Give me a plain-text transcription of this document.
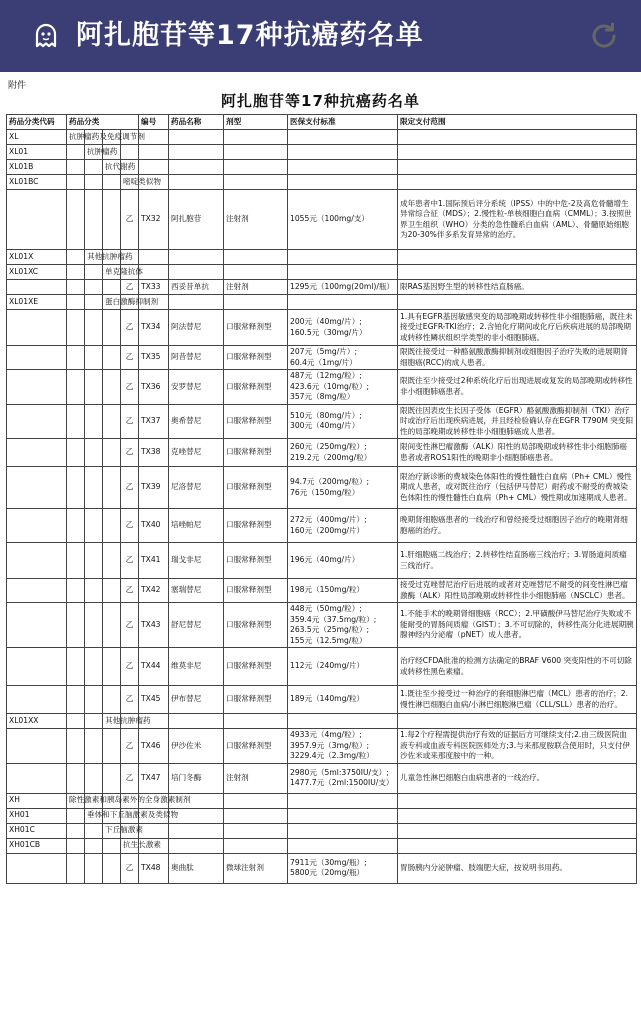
阿扎胞苷等17种抗癌药名单
附件
阿扎胞苷等17种抗癌药名单
药品分类代码	药品分类				编号	药品名称	剂型	医保支付标准	限定支付范围
XL	抗肿瘤药及免疫调节剂								
XL01		抗肿瘤药							
XL01B			抗代谢药						
XL01BC				嘧啶类似物					
				乙	TX32	阿扎胞苷	注射剂	1055元（100mg/支）	成年患者中1.国际预后评分系统（IPSS）中的中危-2及高危骨髓增生异常综合征（MDS）；2.慢性粒-单核细胞白血病（CMML）；3.按照世界卫生组织（WHO）分类的急性髓系白血病（AML）、骨髓原始细胞为20-30%伴多系发育异常的治疗。
XL01X		其他抗肿瘤药							
XL01XC			单克隆抗体						
				乙	TX33	西妥昔单抗	注射剂	1295元（100mg(20ml)/瓶）	限RAS基因野生型的转移性结直肠癌。
XL01XE			蛋白激酶抑制剂						
				乙	TX34	阿法替尼	口服常释剂型	200元（40mg/片）;
160.5元（30mg/片）	1.具有EGFR基因敏感突变的局部晚期或转移性非小细胞肺癌，既往未接受过EGFR-TKI治疗；2.含铂化疗期间或化疗后疾病进展的局部晚期或转移性鳞状组织学类型的非小细胞肺癌。
				乙	TX35	阿昔替尼	口服常释剂型	207元（5mg/片）;
60.4元（1mg/片）	限既往接受过一种酪氨酸激酶抑制剂或细胞因子治疗失败的进展期肾细胞癌(RCC)的成人患者。
				乙	TX36	安罗替尼	口服常释剂型	487元（12mg/粒）;
423.6元（10mg/粒）;
357元（8mg/粒）	限既往至少接受过2种系统化疗后出现进展或复发的局部晚期或转移性非小细胞肺癌患者。
				乙	TX37	奥希替尼	口服常释剂型	510元（80mg/片）;
300元（40mg/片）	限既往因表皮生长因子受体（EGFR）酪氨酸激酶抑制剂（TKI）治疗时或治疗后出现疾病进展，并且经检验确认存在EGFR T790M 突变阳性的局部晚期或转移性非小细胞肺癌成人患者。
				乙	TX38	克唑替尼	口服常释剂型	260元（250mg/粒）;
219.2元（200mg/粒）	限间变性淋巴瘤激酶（ALK）阳性的局部晚期或转移性非小细胞肺癌患者或者ROS1阳性的晚期非小细胞肺癌患者。
				乙	TX39	尼洛替尼	口服常释剂型	94.7元（200mg/粒）;
76元（150mg/粒）	限治疗新诊断的费城染色体阳性的慢性髓性白血病（Ph+ CML）慢性期成人患者，或对既往治疗（包括伊马替尼）耐药或不耐受的费城染色体阳性的慢性髓性白血病（Ph+ CML）慢性期或加速期成人患者。
				乙	TX40	培唑帕尼	口服常释剂型	272元（400mg/片）;
160元（200mg/片）	晚期肾细胞癌患者的一线治疗和曾经接受过细胞因子治疗的晚期肾细胞癌的治疗。
				乙	TX41	瑞戈非尼	口服常释剂型	196元（40mg/片）	1.肝细胞癌二线治疗；2.转移性结直肠癌三线治疗；3.胃肠道间质瘤三线治疗。
				乙	TX42	塞瑞替尼	口服常释剂型	198元（150mg/粒）	接受过克唑替尼治疗后进展的或者对克唑替尼不耐受的间变性淋巴瘤激酶（ALK）阳性局部晚期或转移性非小细胞肺癌（NSCLC）患者。
				乙	TX43	舒尼替尼	口服常释剂型	448元（50mg/粒）;
359.4元（37.5mg/粒）;
263.5元（25mg/粒）;
155元（12.5mg/粒）	1.不能手术的晚期肾细胞癌（RCC）；2.甲磺酸伊马替尼治疗失败或不能耐受的胃肠间质瘤（GIST）；3.不可切除的，转移性高分化进展期胰腺神经内分泌瘤（pNET）成人患者。
				乙	TX44	维莫非尼	口服常释剂型	112元（240mg/片）	治疗经CFDA批准的检测方法确定的BRAF V600 突变阳性的不可切除或转移性黑色素瘤。
				乙	TX45	伊布替尼	口服常释剂型	189元（140mg/粒）	1.既往至少接受过一种治疗的套细胞淋巴瘤（MCL）患者的治疗；2.慢性淋巴细胞白血病/小淋巴细胞淋巴瘤（CLL/SLL）患者的治疗。
XL01XX			其他抗肿瘤药						
				乙	TX46	伊沙佐米	口服常释剂型	4933元（4mg/粒）;
3957.9元（3mg/粒）;
3229.4元（2.3mg/粒）	1.每2个疗程需提供治疗有效的证据后方可继续支付;2.由三级医院血液专科或血液专科医院医师处方;3.与来那度胺联合使用时，只支付伊沙佐米或来那度胺中的一种。
				乙	TX47	培门冬酶	注射剂	2980元（5ml:3750IU/支）;
1477.7元（2ml:1500IU/支）	儿童急性淋巴细胞白血病患者的一线治疗。
XH	除性激素和胰岛素外的全身激素制剂								
XH01		垂体和下丘脑激素及类似物							
XH01C			下丘脑激素						
XH01CB				抗生长激素					
				乙	TX48	奥曲肽	微球注射剂	7911元（30mg/瓶）;
5800元（20mg/瓶）	胃肠胰内分泌肿瘤、肢端肥大症，按说明书用药。
